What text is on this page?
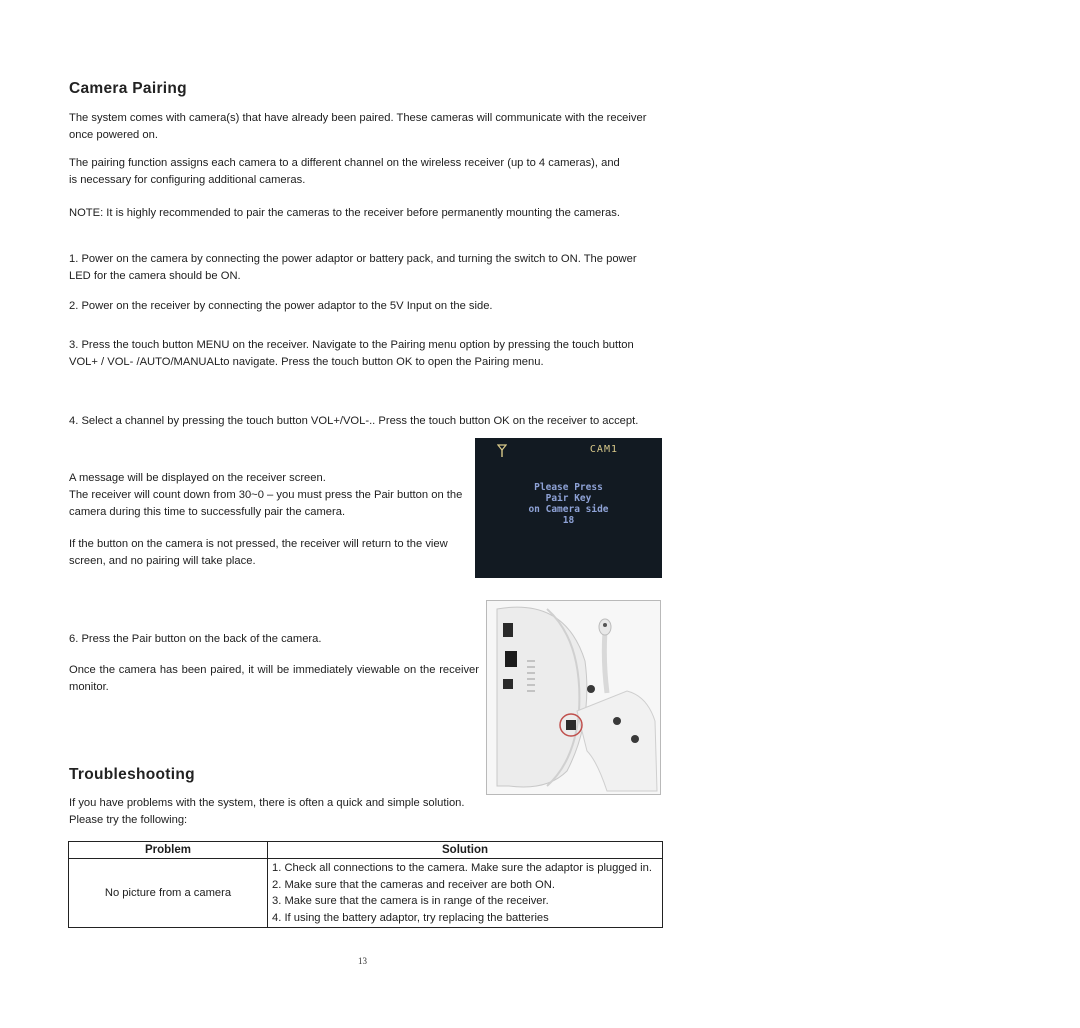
Camera Pairing
The system comes with camera(s) that have already been paired. These cameras will communicate with the receiver once powered on.
The pairing function assigns each camera to a different channel on the wireless receiver (up to 4 cameras), and is necessary for configuring additional cameras.
NOTE: It is highly recommended to pair the cameras to the receiver before permanently mounting the cameras.
1. Power on the camera by connecting the power adaptor or battery pack, and turning the switch to ON. The power LED for the camera should be ON.
2. Power on the receiver by connecting the power adaptor to the 5V Input on the side.
3. Press the touch button MENU on the receiver. Navigate to the Pairing menu option by pressing the touch button VOL+ / VOL- /AUTO/MANUALto navigate. Press the touch button OK to open the Pairing menu.
4. Select a channel by pressing the touch button VOL+/VOL-.. Press the touch button OK on the receiver to accept.
A message will be displayed on the receiver screen.
The receiver will count down from 30~0 – you must press the Pair button on the camera during this time to successfully pair the camera.
If the button on the camera is not pressed, the receiver will return to the view screen, and no pairing will take place.
CAM1
Please Press
Pair Key
on Camera side
18
6. Press the Pair button on the back of the camera.
Once the camera has been paired, it will be immediately viewable on the receiver monitor.
Troubleshooting
If you have problems with the system, there is often a quick and simple solution. Please try the following:
Problem	Solution
No picture from a camera	1. Check all connections to the camera. Make sure the adaptor is plugged in.
2. Make sure that the cameras and receiver are both ON.
3. Make sure that the camera is in range of the receiver.
4. If using the battery adaptor, try replacing the batteries
13
